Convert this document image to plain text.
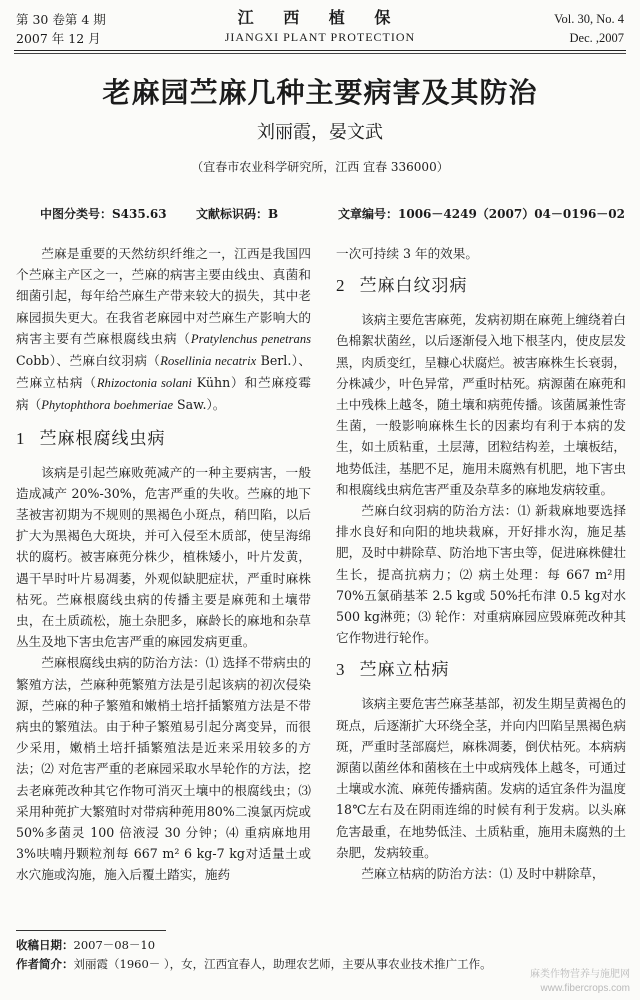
第 30 卷第 4 期
2007 年 12 月
江 西 植 保
JIANGXI PLANT PROTECTION
Vol. 30, No. 4
Dec. ,2007
老麻园苎麻几种主要病害及其防治
刘丽霞，晏文武
（宜春市农业科学研究所，江西 宜春 336000）
中图分类号：S435.63 文献标识码：B	文章编号：1006－4249（2007）04－0196－02

苎麻是重要的天然纺织纤维之一，江西是我国四个苎麻主产区之一，苎麻的病害主要由线虫、真菌和细菌引起，每年给苎麻生产带来较大的损失，其中老麻园损失更大。在我省老麻园中对苎麻生产影响大的病害主要有苎麻根腐线虫病（Pratylenchus penetrans Cobb）、苎麻白纹羽病（Rosellinia necatrix Berl.）、苎麻立枯病（Rhizoctonia solani Kühn）和苎麻疫霉病（Phytophthora boehmeriae Saw.）。

1 苎麻根腐线虫病

该病是引起苎麻败蔸减产的一种主要病害，一般造成减产 20%-30%，危害严重的失收。苎麻的地下茎被害初期为不规则的黑褐色小斑点，稍凹陷，以后扩大为黑褐色大斑块，并可入侵至木质部，使呈海绵状的腐朽。被害麻蔸分株少，植株矮小，叶片发黄，遇干旱时叶片易凋萎，外观似缺肥症状，严重时麻株枯死。苎麻根腐线虫病的传播主要是麻蔸和土壤带虫，在土质疏松，施土杂肥多，麻龄长的麻地和杂草丛生及地下害虫危害严重的麻园发病更重。

苎麻根腐线虫病的防治方法：⑴ 选择不带病虫的繁殖方法，苎麻种蔸繁殖方法是引起该病的初次侵染源，苎麻的种子繁殖和嫩梢土培扦插繁殖方法是不带病虫的繁殖法。由于种子繁殖易引起分离变异，而很少采用，嫩梢土培扦插繁殖法是近来采用较多的方法；⑵ 对危害严重的老麻园采取水旱轮作的方法，挖去老麻蔸改种其它作物可消灭土壤中的根腐线虫；⑶ 采用种蔸扩大繁殖时对带病种蔸用80%二溴氯丙烷或 50%多菌灵 100 倍液浸 30 分钟；⑷ 重病麻地用 3%呋喃丹颗粒剂每 667 m² 6 kg-7 kg对适量土或水穴施或沟施，施入后覆土踏实，施药

一次可持续 3 年的效果。

2 苎麻白纹羽病

该病主要危害麻蔸，发病初期在麻蔸上缠绕着白色棉絮状菌丝，以后逐渐侵入地下根茎内，使皮层发黑，肉质变红，呈糠心状腐烂。被害麻株生长衰弱，分株减少，叶色异常，严重时枯死。病源菌在麻蔸和土中残株上越冬，随土壤和病蔸传播。该菌属兼性寄生菌，一般影响麻株生长的因素均有利于本病的发生，如土质粘重，土层薄，团粒结构差，土壤板结，地势低洼，基肥不足，施用未腐熟有机肥，地下害虫和根腐线虫病危害严重及杂草多的麻地发病较重。

苎麻白纹羽病的防治方法：⑴ 新栽麻地要选择排水良好和向阳的地块栽麻，开好排水沟，施足基肥，及时中耕除草、防治地下害虫等，促进麻株健壮生长，提高抗病力；⑵ 病土处理：每 667 m²用 70%五氯硝基苯 2.5 kg或 50%托布津 0.5 kg对水 500 kg淋蔸；⑶ 轮作：对重病麻园应毁麻蔸改种其它作物进行轮作。

3 苎麻立枯病

该病主要危害苎麻茎基部，初发生期呈黄褐色的斑点，后逐渐扩大环绕全茎，并向内凹陷呈黑褐色病斑，严重时茎部腐烂，麻株凋萎，倒伏枯死。本病病源菌以菌丝体和菌核在土中或病残体上越冬，可通过土壤或水流、麻蔸传播病菌。发病的适宜条件为温度 18℃左右及在阴雨连绵的时候有利于发病。以头麻危害最重，在地势低洼、土质粘重，施用未腐熟的土杂肥，发病较重。

苎麻立枯病的防治方法：⑴ 及时中耕除草，

收稿日期：2007－08－10
作者简介：刘丽霞（1960－ ），女，江西宜春人，助理农艺师，主要从事农业技术推广工作。
麻类作物营养与施肥网
www.fibercrops.com
